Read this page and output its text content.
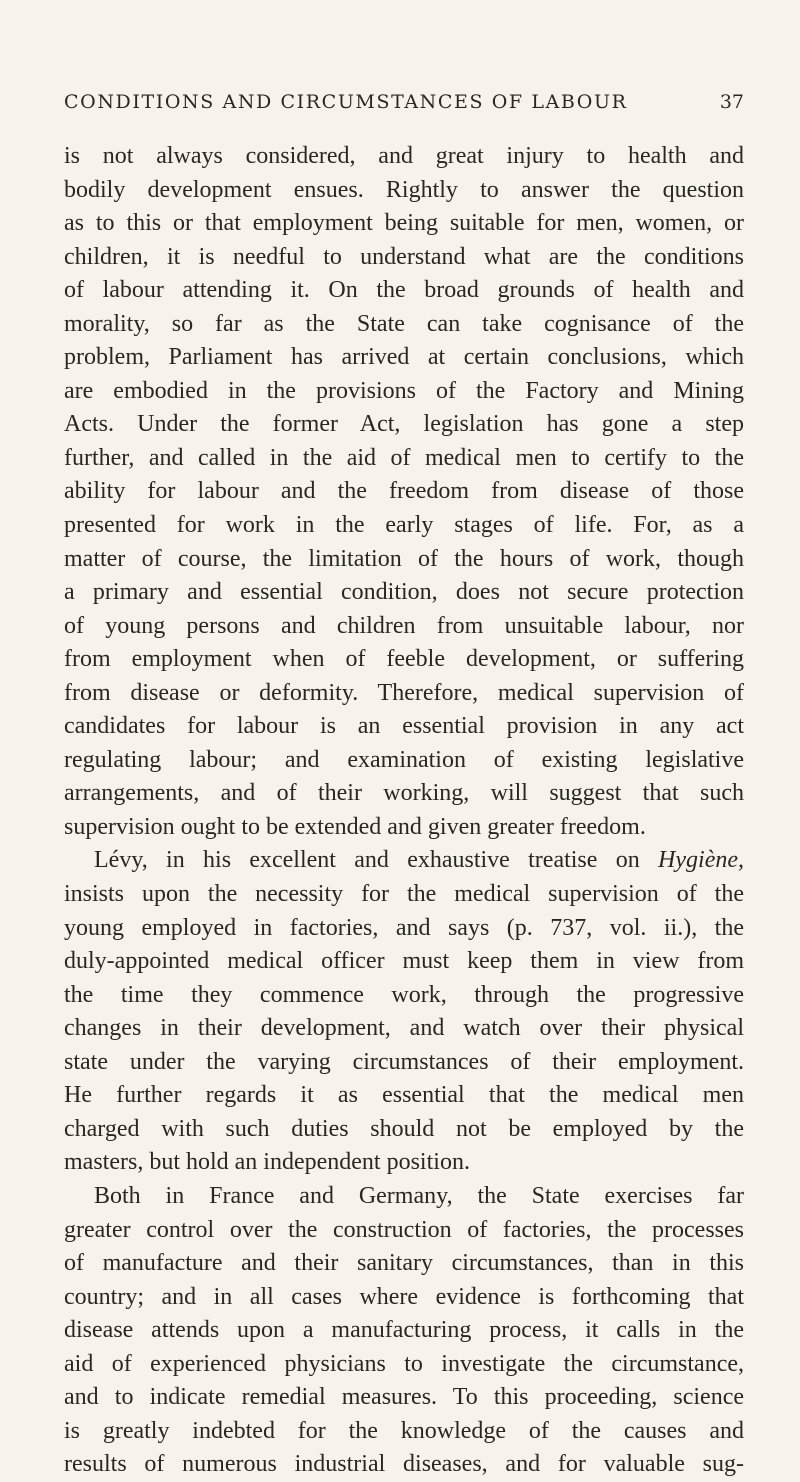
CONDITIONS AND CIRCUMSTANCES OF LABOUR	37
is not always considered, and great injury to health and
bodily development ensues. Rightly to answer the question
as to this or that employment being suitable for men, women, or
children, it is needful to understand what are the conditions
of labour attending it. On the broad grounds of health and
morality, so far as the State can take cognisance of the
problem, Parliament has arrived at certain conclusions, which
are embodied in the provisions of the Factory and Mining
Acts. Under the former Act, legislation has gone a step
further, and called in the aid of medical men to certify to the
ability for labour and the freedom from disease of those
presented for work in the early stages of life. For, as a
matter of course, the limitation of the hours of work, though
a primary and essential condition, does not secure protection
of young persons and children from unsuitable labour, nor
from employment when of feeble development, or suffering
from disease or deformity. Therefore, medical supervision of
candidates for labour is an essential provision in any act
regulating labour; and examination of existing legislative
arrangements, and of their working, will suggest that such
supervision ought to be extended and given greater freedom.
Lévy, in his excellent and exhaustive treatise on Hygiène,
insists upon the necessity for the medical supervision of the
young employed in factories, and says (p. 737, vol. ii.), the
duly-appointed medical officer must keep them in view from
the time they commence work, through the progressive
changes in their development, and watch over their physical
state under the varying circumstances of their employment.
He further regards it as essential that the medical men
charged with such duties should not be employed by the
masters, but hold an independent position.
Both in France and Germany, the State exercises far
greater control over the construction of factories, the processes
of manufacture and their sanitary circumstances, than in this
country; and in all cases where evidence is forthcoming that
disease attends upon a manufacturing process, it calls in the
aid of experienced physicians to investigate the circumstance,
and to indicate remedial measures. To this proceeding, science
is greatly indebted for the knowledge of the causes and
results of numerous industrial diseases, and for valuable sug-
